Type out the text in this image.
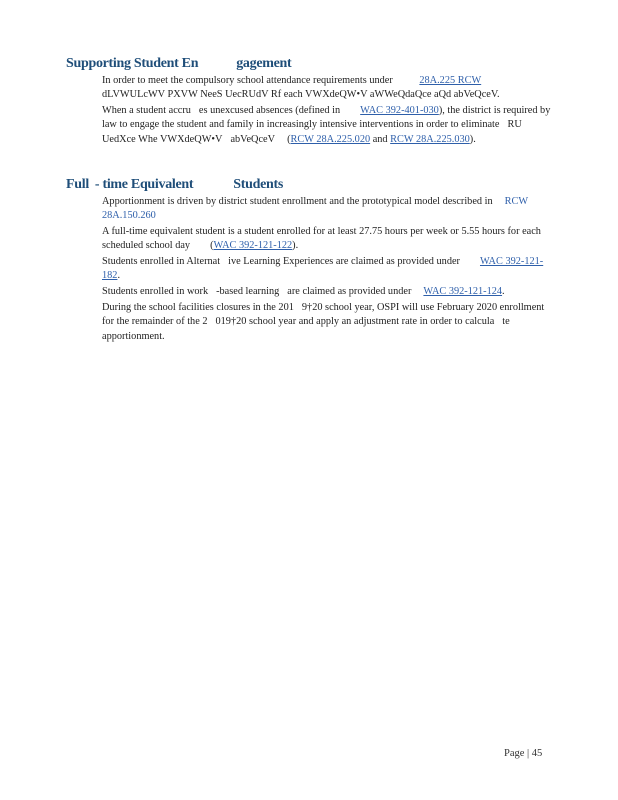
Supporting Student En	gagement
In order to meet the compulsory school attendance requirements under	28A.225 RCW
dLVWULcWV PXVW NeeS UecRUdV Rf each VWXdeQW•V aWWeQdaQce aQd abVeQceV.
When a student accru es unexcused absences (defined in WAC 392-401-030), the district is required by law to engage the student and family in increasingly intensive interventions in order to eliminate RU UedXce Whe VWXdeQW•V abVeQceV (RCW 28A.225.020 and RCW 28A.225.030).
Full - time Equivalent	Students
Apportionment is driven by district student enrollment and the prototypical model described in RCW 28A.150.260
A full-time equivalent student is a student enrolled for at least 27.75 hours per week or 5.55 hours for each scheduled school day (WAC 392-121-122).
Students enrolled in Alternat ive Learning Experiences are claimed as provided under WAC 392-121-182.
Students enrolled in work -based learning are claimed as provided under WAC 392-121-124.
During the school facilities closures in the 201 9†20 school year, OSPI will use February 2020 enrollment for the remainder of the 2 019†20 school year and apply an adjustment rate in order to calcula te apportionment.
Page | 45
